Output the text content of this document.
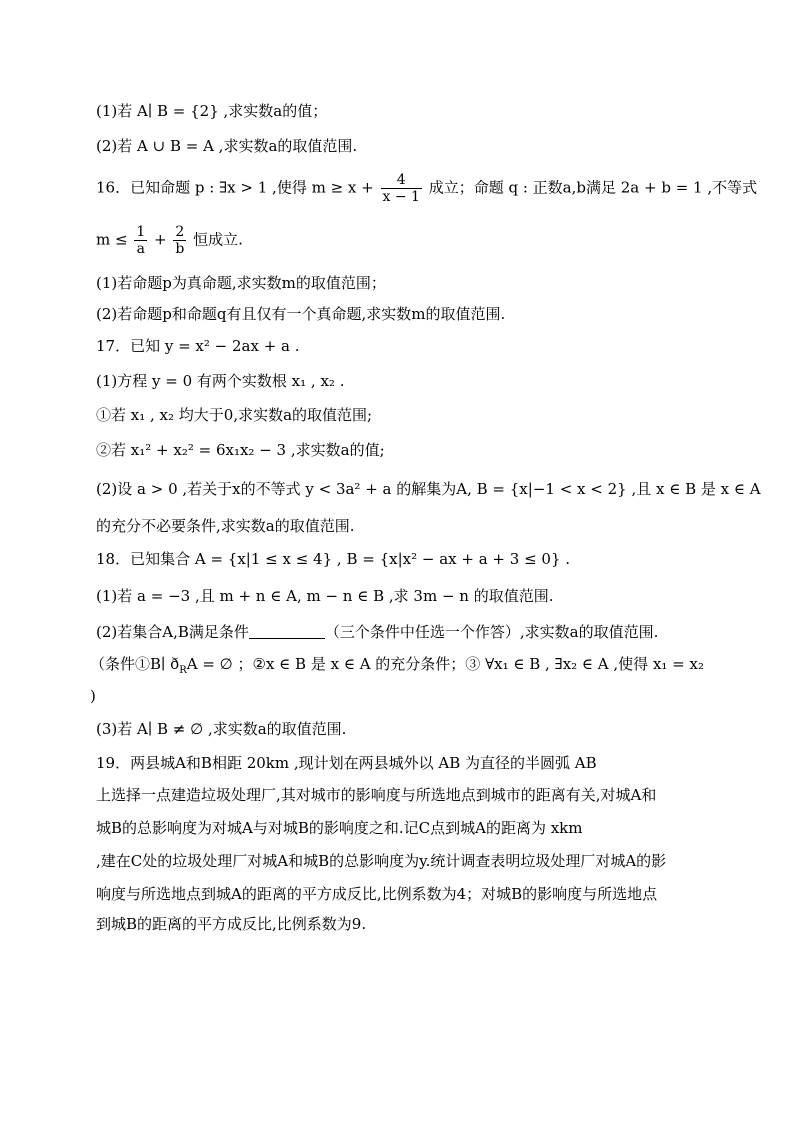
(1)若 A∣ B = {2} ,求实数a的值；
(2)若 A ∪ B = A ,求实数a的取值范围.
16．已知命题 p : ∃x > 1 ,使得 $m \ge x + \frac{4}{x - 1}$ 成立；命题 q : 正数a,b满足 2a + b = 1 ,不等式
$m \le \frac{1}{a} + \frac{2}{b}$ 恒成立.
(1)若命题p为真命题,求实数m的取值范围；
(2)若命题p和命题q有且仅有一个真命题,求实数m的取值范围.
17．已知 y = x² − 2ax + a .
(1)方程 y = 0 有两个实数根 x₁ , x₂ .
①若 x₁ , x₂ 均大于0,求实数a的取值范围;
②若 x₁² + x₂² = 6x₁x₂ − 3 ,求实数a的值;
(2)设 a > 0 ,若关于x的不等式 y < 3a² + a 的解集为A, B = {x|−1 < x < 2} ,且 x ∈ B 是 x ∈ A
的充分不必要条件,求实数a的取值范围.
18．已知集合 A = {x|1 ≤ x ≤ 4} , B = {x|x² − ax + a + 3 ≤ 0} .
(1)若 a = −3 ,且 m + n ∈ A, m − n ∈ B ,求 3m − n 的取值范围.
(2)若集合A,B满足条件	（三个条件中任选一个作答）,求实数a的取值范围.
（条件①B∣ $ð_RA$ = ∅ ；②x ∈ B 是 x ∈ A 的充分条件；③ ∀x₁ ∈ B , ∃x₂ ∈ A ,使得 x₁ = x₂
)
(3)若 A∣ B ≠ ∅ ,求实数a的取值范围.
19．两县城A和B相距 20km ,现计划在两县城外以 AB 为直径的半圆弧 AB
上选择一点建造垃圾处理厂,其对城市的影响度与所选地点到城市的距离有关,对城A和
城B的总影响度为对城A与对城B的影响度之和.记C点到城A的距离为 xkm
,建在C处的垃圾处理厂对城A和城B的总影响度为y.统计调查表明垃圾处理厂对城A的影
响度与所选地点到城A的距离的平方成反比,比例系数为4；对城B的影响度与所选地点
到城B的距离的平方成反比,比例系数为9.
